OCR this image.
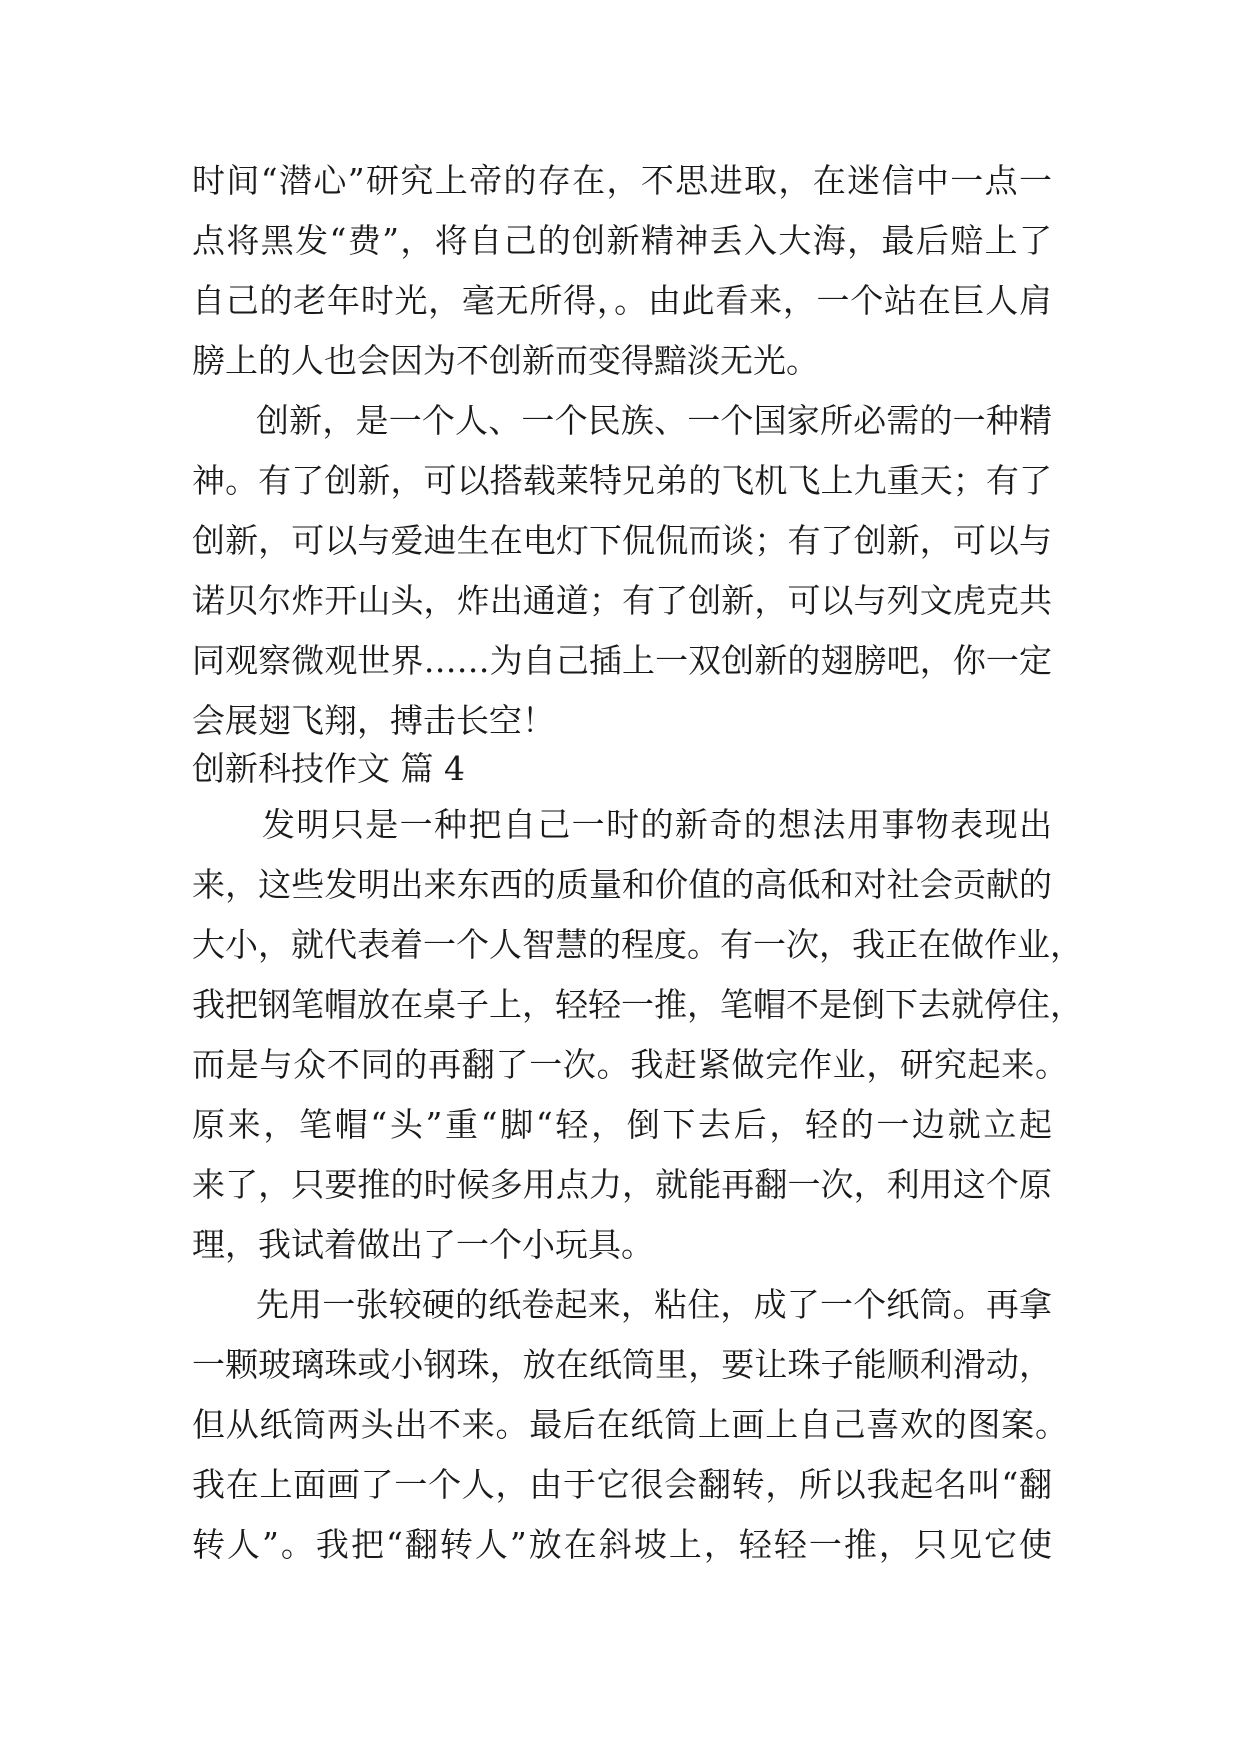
时间“潜心”研究上帝的存在，不思进取，在迷信中一点一
点将黑发“费”，将自己的创新精神丢入大海，最后赔上了
自己的老年时光，毫无所得，。由此看来，一个站在巨人肩
膀上的人也会因为不创新而变得黯淡无光。
创新，是一个人、一个民族、一个国家所必需的一种精
神。有了创新，可以搭载莱特兄弟的飞机飞上九重天；有了
创新，可以与爱迪生在电灯下侃侃而谈；有了创新，可以与
诺贝尔炸开山头，炸出通道；有了创新，可以与列文虎克共
同观察微观世界……为自己插上一双创新的翅膀吧，你一定
会展翅飞翔，搏击长空！
创新科技作文 篇 4
发明只是一种把自己一时的新奇的想法用事物表现出
来，这些发明出来东西的质量和价值的高低和对社会贡献的
大小，就代表着一个人智慧的程度。有一次，我正在做作业，
我把钢笔帽放在桌子上，轻轻一推，笔帽不是倒下去就停住，
而是与众不同的再翻了一次。我赶紧做完作业，研究起来。
原来，笔帽“头”重“脚“轻，倒下去后，轻的一边就立起
来了，只要推的时候多用点力，就能再翻一次，利用这个原
理，我试着做出了一个小玩具。
先用一张较硬的纸卷起来，粘住，成了一个纸筒。再拿
一颗玻璃珠或小钢珠，放在纸筒里，要让珠子能顺利滑动，
但从纸筒两头出不来。最后在纸筒上画上自己喜欢的图案。
我在上面画了一个人，由于它很会翻转，所以我起名叫“翻
转人”。我把“翻转人”放在斜坡上，轻轻一推，只见它使
